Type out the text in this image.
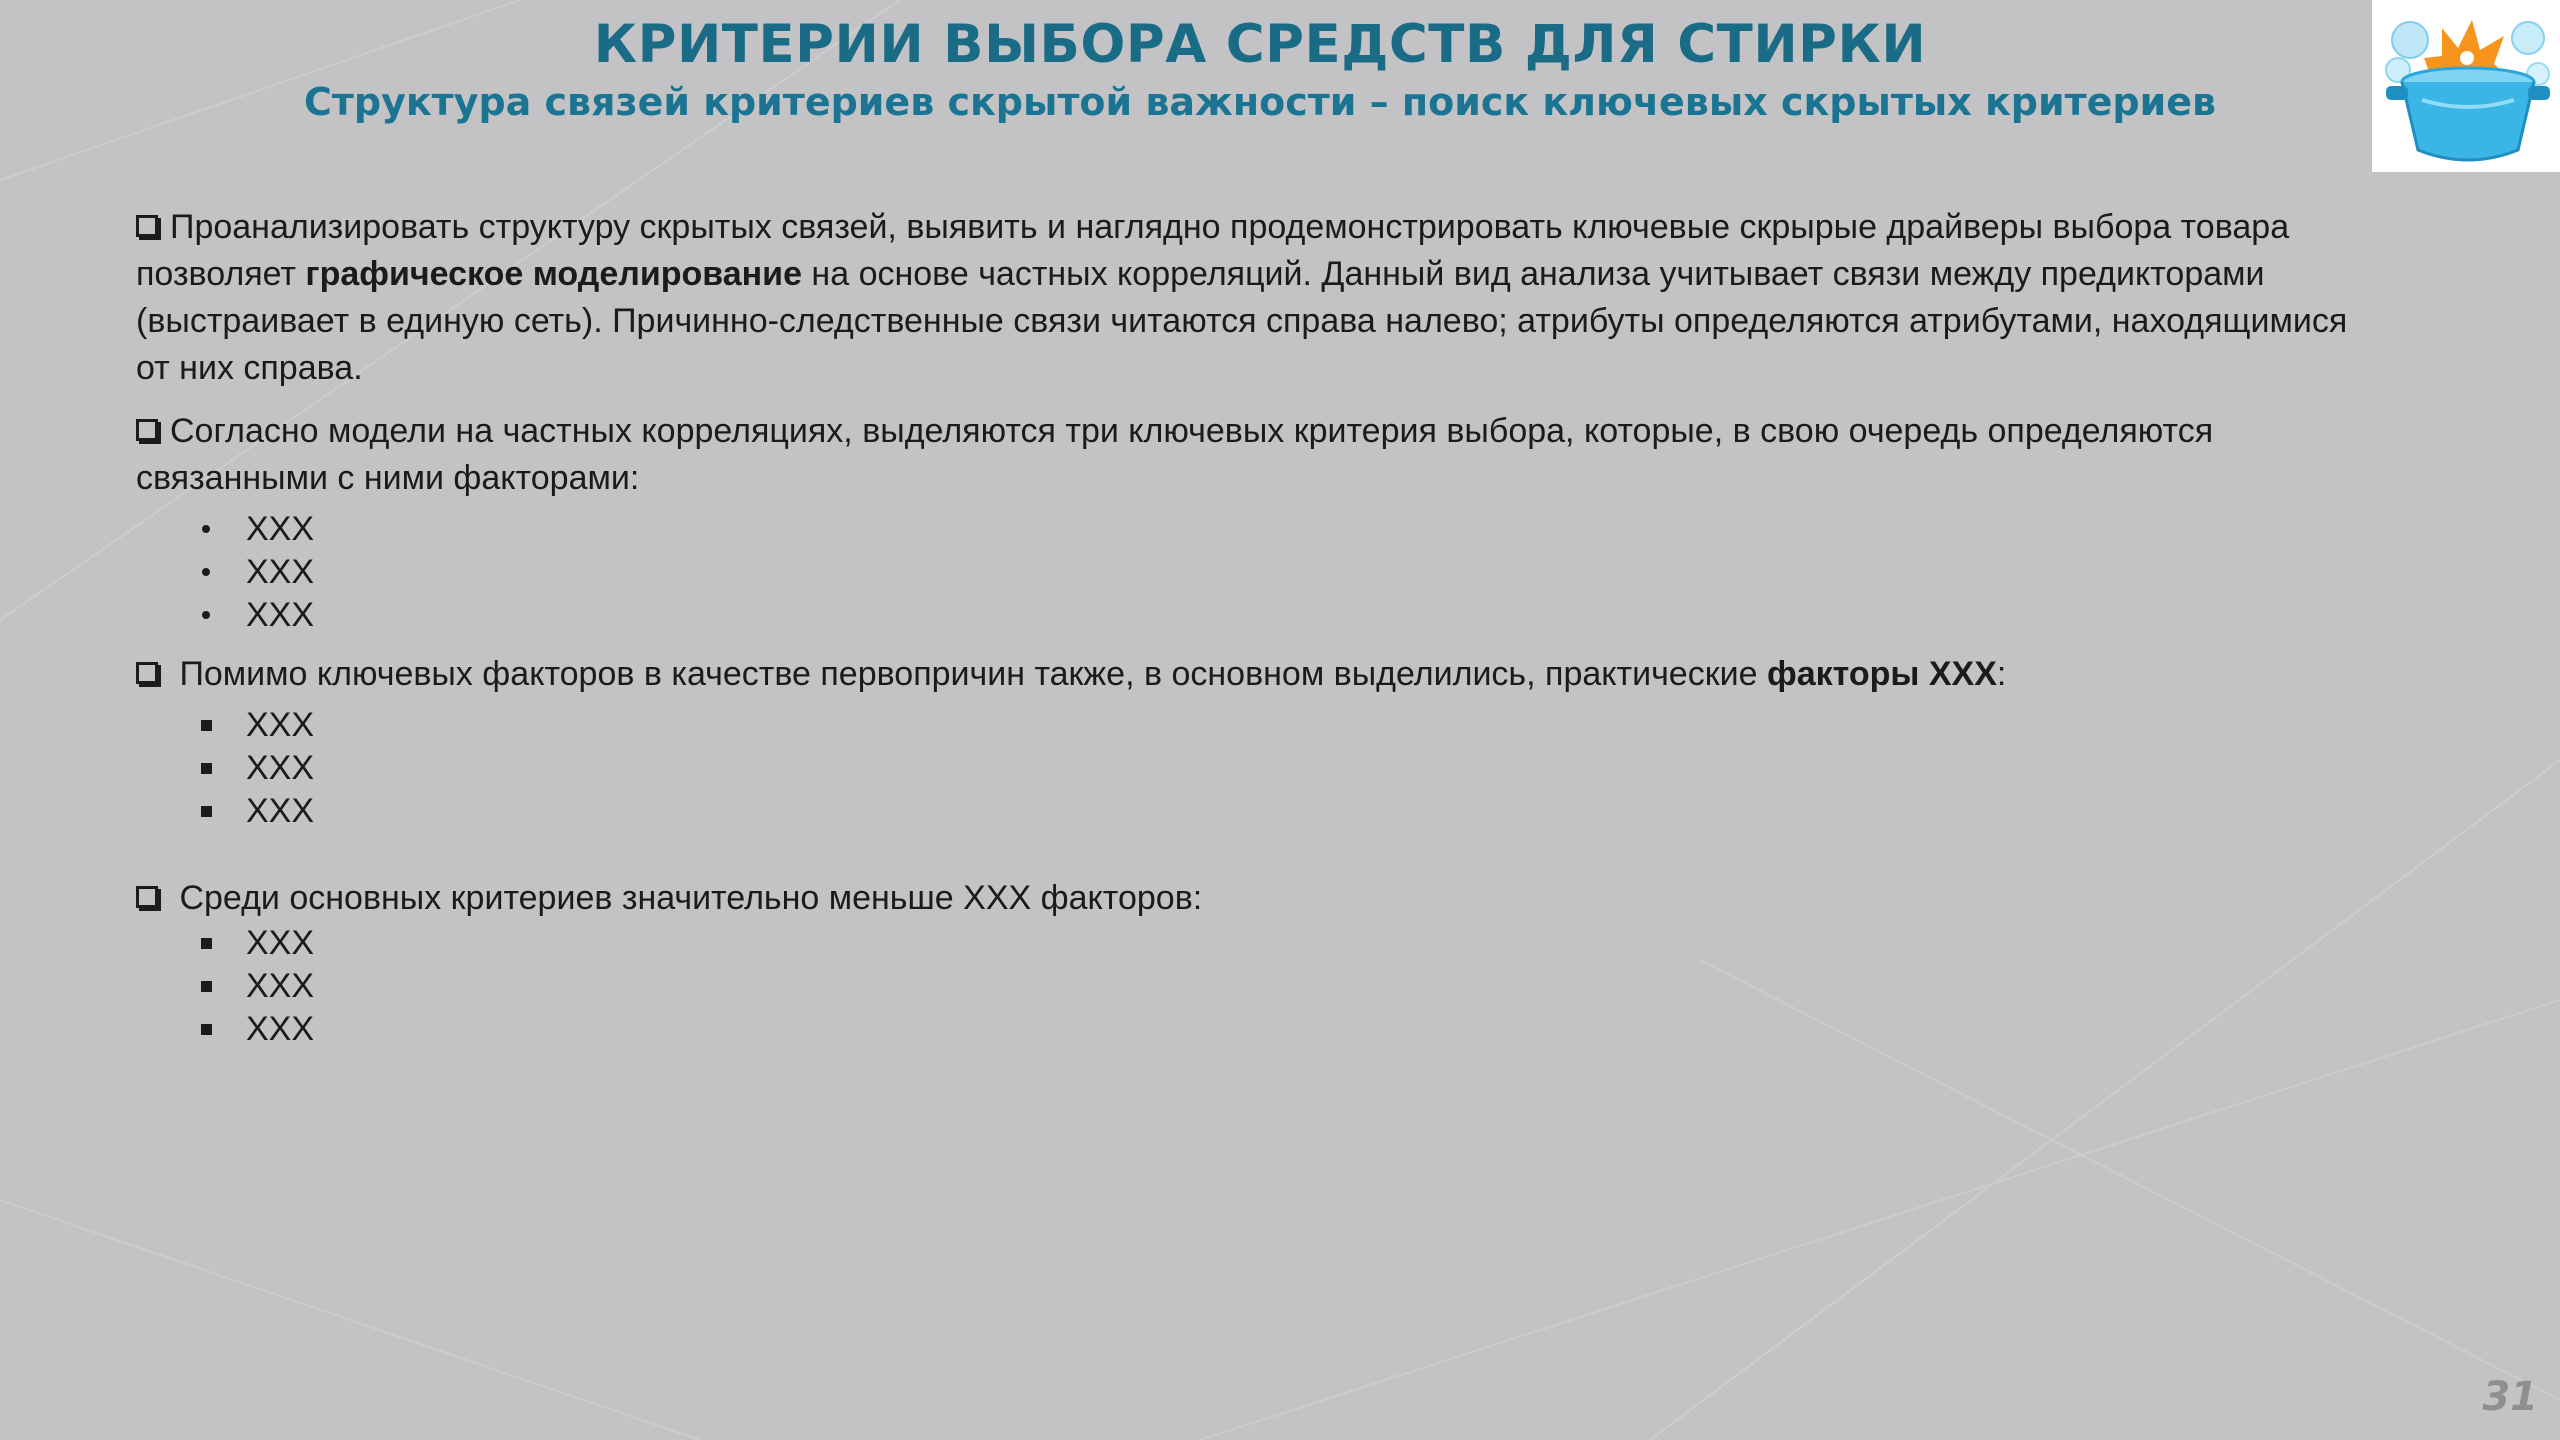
КРИТЕРИИ ВЫБОРА СРЕДСТВ ДЛЯ СТИРКИ
Структура связей критериев скрытой важности – поиск ключевых скрытых критериев

Проанализировать структуру скрытых связей, выявить и наглядно продемонстрировать ключевые скрырые драйверы выбора товара позволяет графическое моделирование на основе частных корреляций. Данный вид анализа учитывает связи между предикторами (выстраивает в единую сеть). Причинно-следственные связи читаются справа налево; атрибуты определяются атрибутами, находящимися от них справа.

Согласно модели на частных корреляциях, выделяются три ключевых критерия выбора, которые, в свою очередь определяются связанными с ними факторами:

XXX
XXX
XXX

Помимо ключевых факторов в качестве первопричин также, в основном выделились, практические факторы XXX:

XXX
XXX
XXX

Среди основных критериев значительно меньше XXX факторов:

XXX
XXX
XXX
31
